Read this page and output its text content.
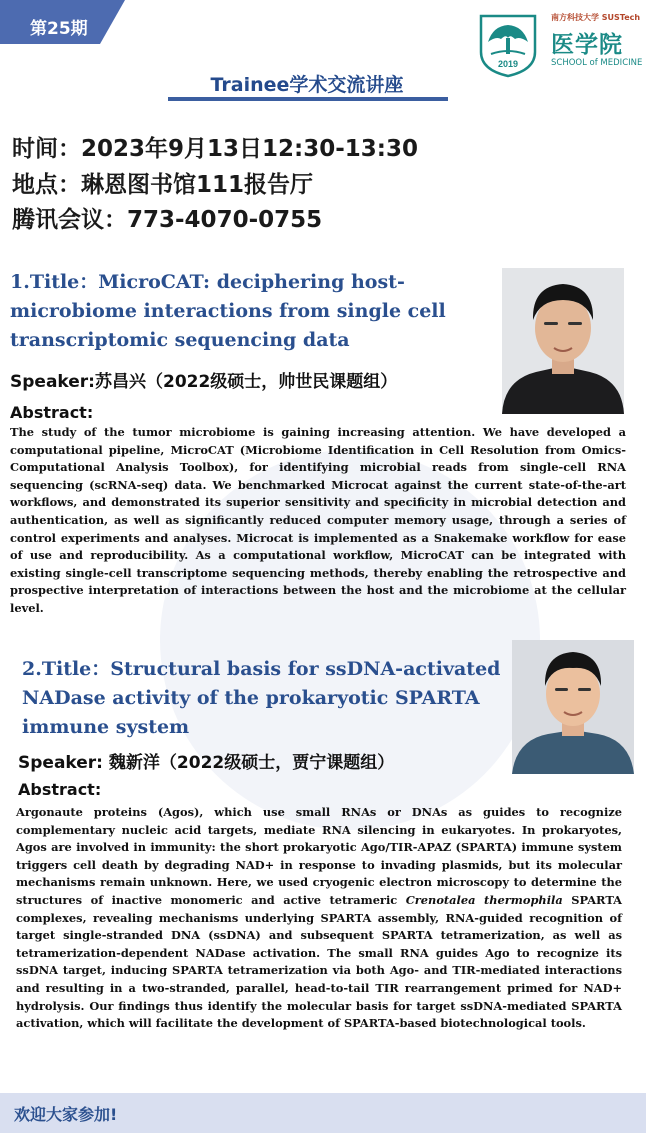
第25期
2019
南方科技大学 SUSTech
医学院
SCHOOL of MEDICINE
Trainee学术交流讲座
时间：2023年9月13日12:30-13:30
地点：琳恩图书馆111报告厅
腾讯会议：773-4070-0755
1.Title：MicroCAT: deciphering host-microbiome interactions from single cell transcriptomic sequencing data
Speaker:苏昌兴（2022级硕士，帅世民课题组）
Abstract:
The study of the tumor microbiome is gaining increasing attention. We have developed a computational pipeline, MicroCAT (Microbiome Identification in Cell Resolution from Omics-Computational Analysis Toolbox), for identifying microbial reads from single-cell RNA sequencing (scRNA-seq) data. We benchmarked Microcat against the current state-of-the-art workflows, and demonstrated its superior sensitivity and specificity in microbial detection and authentication, as well as significantly reduced computer memory usage, through a series of control experiments and analyses. Microcat is implemented as a Snakemake workflow for ease of use and reproducibility. As a computational workflow, MicroCAT can be integrated with existing single-cell transcriptome sequencing methods, thereby enabling the retrospective and prospective interpretation of interactions between the host and the microbiome at the cellular level.
2.Title：Structural basis for ssDNA-activated NADase activity of the prokaryotic SPARTA immune system
Speaker: 魏新洋（2022级硕士，贾宁课题组）
Abstract:
Argonaute proteins (Agos), which use small RNAs or DNAs as guides to recognize complementary nucleic acid targets, mediate RNA silencing in eukaryotes. In prokaryotes, Agos are involved in immunity: the short prokaryotic Ago/TIR-APAZ (SPARTA) immune system triggers cell death by degrading NAD+ in response to invading plasmids, but its molecular mechanisms remain unknown. Here, we used cryogenic electron microscopy to determine the structures of inactive monomeric and active tetrameric Crenotalea thermophila SPARTA complexes, revealing mechanisms underlying SPARTA assembly, RNA-guided recognition of target single-stranded DNA (ssDNA) and subsequent SPARTA tetramerization, as well as tetramerization-dependent NADase activation. The small RNA guides Ago to recognize its ssDNA target, inducing SPARTA tetramerization via both Ago- and TIR-mediated interactions and resulting in a two-stranded, parallel, head-to-tail TIR rearrangement primed for NAD+ hydrolysis. Our findings thus identify the molecular basis for target ssDNA-mediated SPARTA activation, which will facilitate the development of SPARTA-based biotechnological tools.
欢迎大家参加!
